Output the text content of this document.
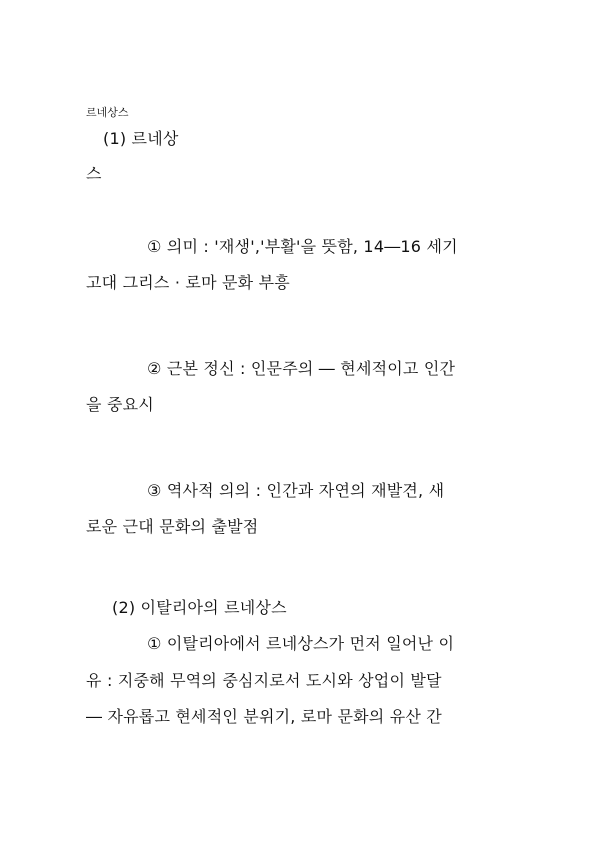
르네상스
(1) 르네상
스
① 의미 : '재생','부활'을 뜻함, 14―16 세기
고대 그리스 · 로마 문화 부흥
② 근본 정신 : 인문주의 ― 현세적이고 인간
을 중요시
③ 역사적 의의 : 인간과 자연의 재발견, 새
로운 근대 문화의 출발점
(2) 이탈리아의 르네상스
① 이탈리아에서 르네상스가 먼저 일어난 이
유 : 지중해 무역의 중심지로서 도시와 상업이 발달
― 자유롭고 현세적인 분위기, 로마 문화의 유산 간
